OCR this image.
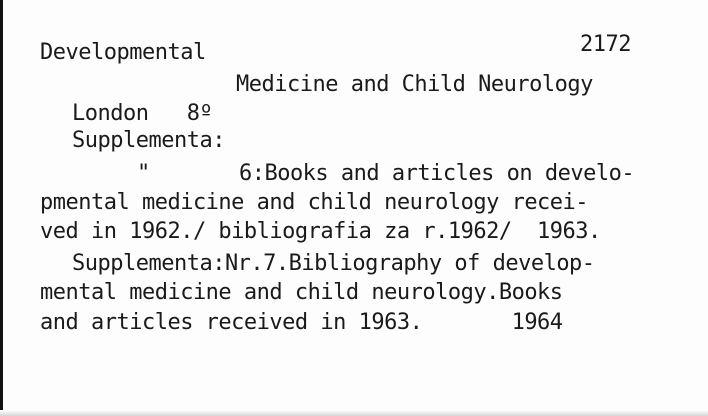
2172
Developmental
Medicine and Child Neurology
London   8º
Supplementa:
"       6:Books and articles on develo-
pmental medicine and child neurology recei-
ved in 1962./ bibliografia za r.1962/  1963.
Supplementa:Nr.7.Bibliography of develop-
mental medicine and child neurology.Books
and articles received in 1963.       1964
